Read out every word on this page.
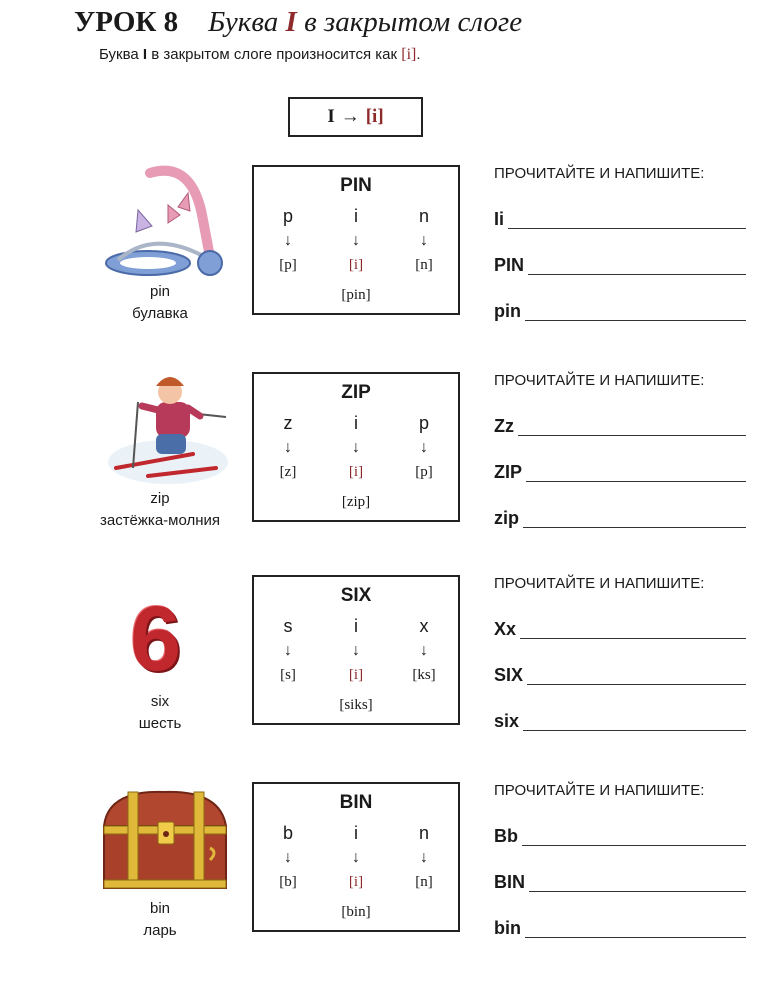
УРОК 8 Буква I в закрытом слоге
Буква I в закрытом слоге произносится как [i].
I → [i]
pin
булавка
PIN
p
↓
[p]
i
↓
[i]
n
↓
[n]
[pin]
ПРОЧИТАЙТЕ И НАПИШИТЕ:
Ii
PIN
pin
zip
застёжка-молния
ZIP
z
↓
[z]
i
↓
[i]
p
↓
[p]
[zip]
ПРОЧИТАЙТЕ И НАПИШИТЕ:
Zz
ZIP
zip
6
six
шесть
SIX
s
↓
[s]
i
↓
[i]
x
↓
[ks]
[siks]
ПРОЧИТАЙТЕ И НАПИШИТЕ:
Xx
SIX
six
bin
ларь
BIN
b
↓
[b]
i
↓
[i]
n
↓
[n]
[bin]
ПРОЧИТАЙТЕ И НАПИШИТЕ:
Bb
BIN
bin
